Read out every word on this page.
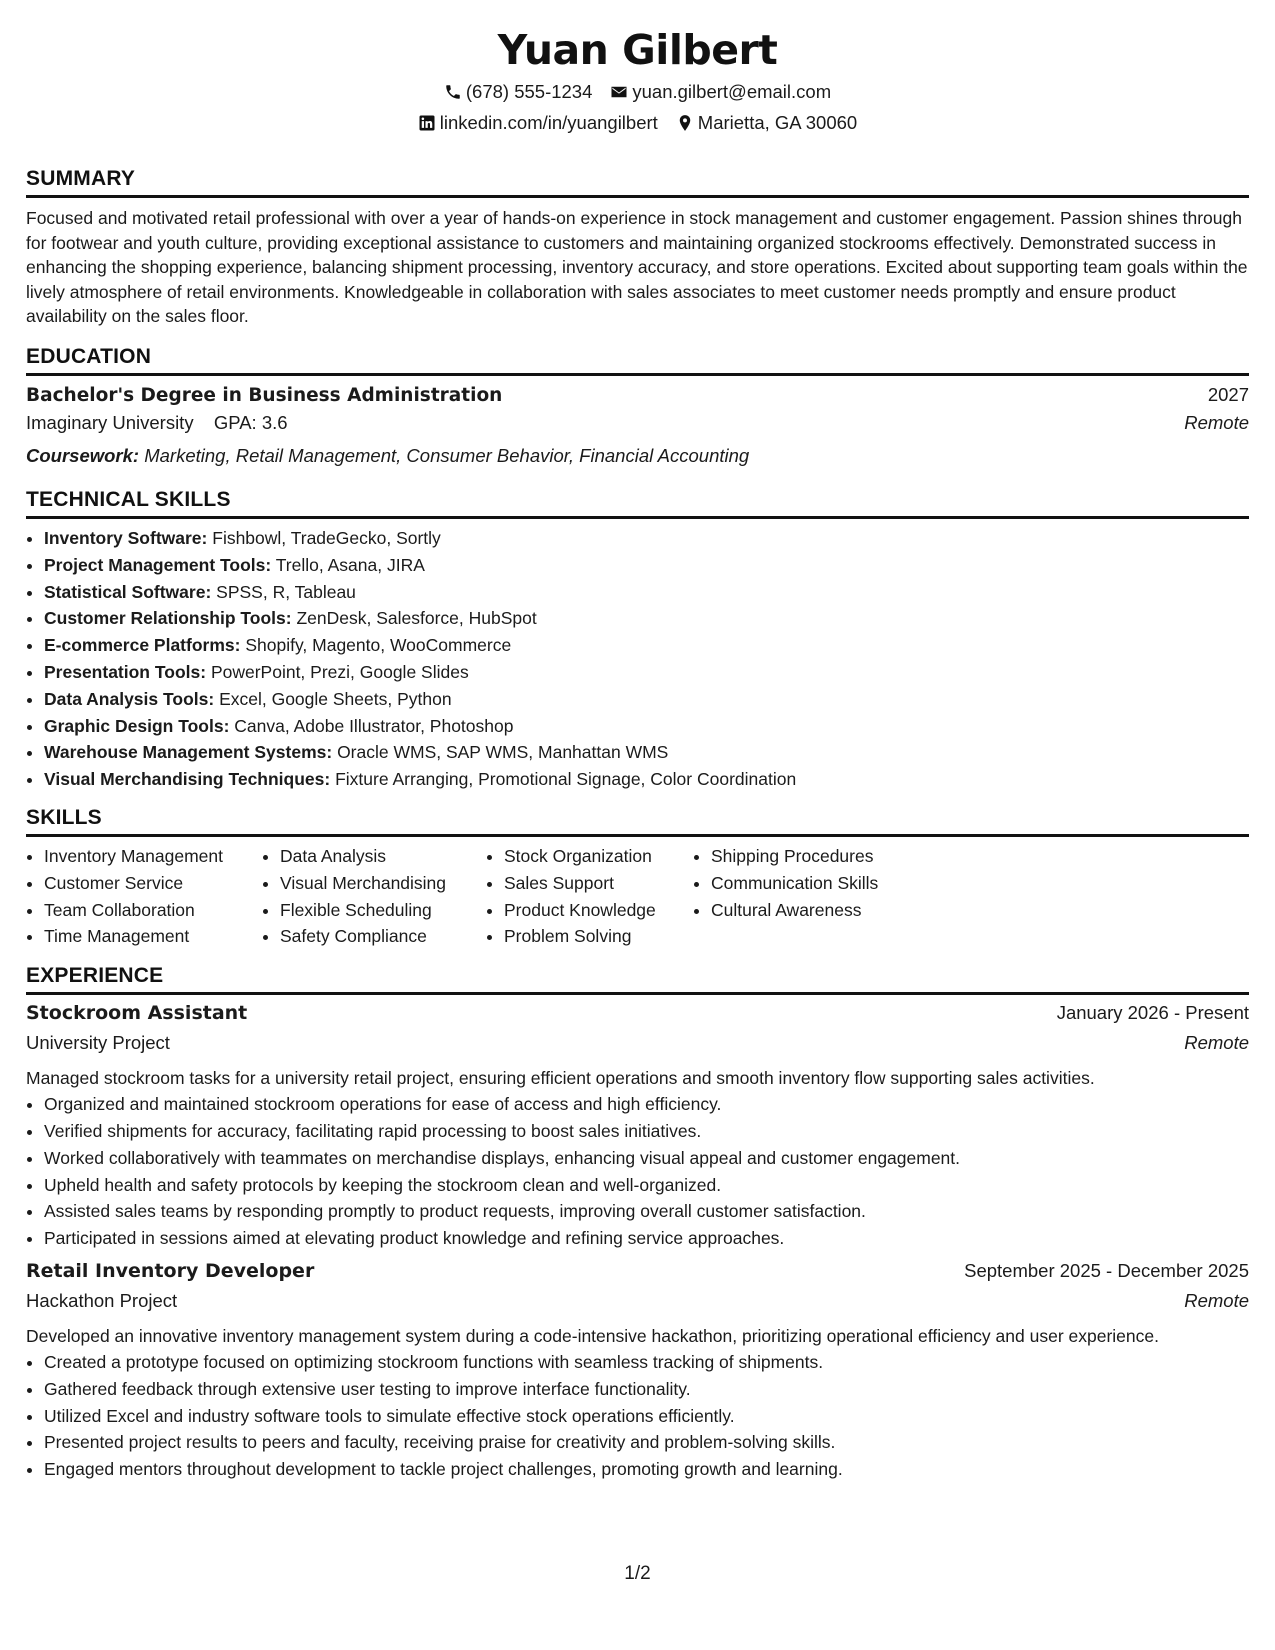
Yuan Gilbert
(678) 555-1234 yuan.gilbert@email.com
linkedin.com/in/yuangilbert Marietta, GA 30060
SUMMARY

Focused and motivated retail professional with over a year of hands-on experience in stock management and customer engagement. Passion shines through for footwear and youth culture, providing exceptional assistance to customers and maintaining organized stockrooms effectively. Demonstrated success in enhancing the shopping experience, balancing shipment processing, inventory accuracy, and store operations. Excited about supporting team goals within the lively atmosphere of retail environments. Knowledgeable in collaboration with sales associates to meet customer needs promptly and ensure product availability on the sales floor.

EDUCATION
Bachelor's Degree in Business Administration	2027
Imaginary University GPA: 3.6	Remote
Coursework: Marketing, Retail Management, Consumer Behavior, Financial Accounting
TECHNICAL SKILLS
• Inventory Software: Fishbowl, TradeGecko, Sortly
• Project Management Tools: Trello, Asana, JIRA
• Statistical Software: SPSS, R, Tableau
• Customer Relationship Tools: ZenDesk, Salesforce, HubSpot
• E-commerce Platforms: Shopify, Magento, WooCommerce
• Presentation Tools: PowerPoint, Prezi, Google Slides
• Data Analysis Tools: Excel, Google Sheets, Python
• Graphic Design Tools: Canva, Adobe Illustrator, Photoshop
• Warehouse Management Systems: Oracle WMS, SAP WMS, Manhattan WMS
• Visual Merchandising Techniques: Fixture Arranging, Promotional Signage, Color Coordination
SKILLS
• Inventory Management
• Customer Service
• Team Collaboration
• Time Management
• Data Analysis
• Visual Merchandising
• Flexible Scheduling
• Safety Compliance
• Stock Organization
• Sales Support
• Product Knowledge
• Problem Solving
• Shipping Procedures
• Communication Skills
• Cultural Awareness
EXPERIENCE
Stockroom Assistant	January 2026 - Present
University Project	Remote

Managed stockroom tasks for a university retail project, ensuring efficient operations and smooth inventory flow supporting sales activities.

• Organized and maintained stockroom operations for ease of access and high efficiency.
• Verified shipments for accuracy, facilitating rapid processing to boost sales initiatives.
• Worked collaboratively with teammates on merchandise displays, enhancing visual appeal and customer engagement.
• Upheld health and safety protocols by keeping the stockroom clean and well-organized.
• Assisted sales teams by responding promptly to product requests, improving overall customer satisfaction.
• Participated in sessions aimed at elevating product knowledge and refining service approaches.
Retail Inventory Developer	September 2025 - December 2025
Hackathon Project	Remote

Developed an innovative inventory management system during a code-intensive hackathon, prioritizing operational efficiency and user experience.

• Created a prototype focused on optimizing stockroom functions with seamless tracking of shipments.
• Gathered feedback through extensive user testing to improve interface functionality.
• Utilized Excel and industry software tools to simulate effective stock operations efficiently.
• Presented project results to peers and faculty, receiving praise for creativity and problem-solving skills.
• Engaged mentors throughout development to tackle project challenges, promoting growth and learning.
1/2
